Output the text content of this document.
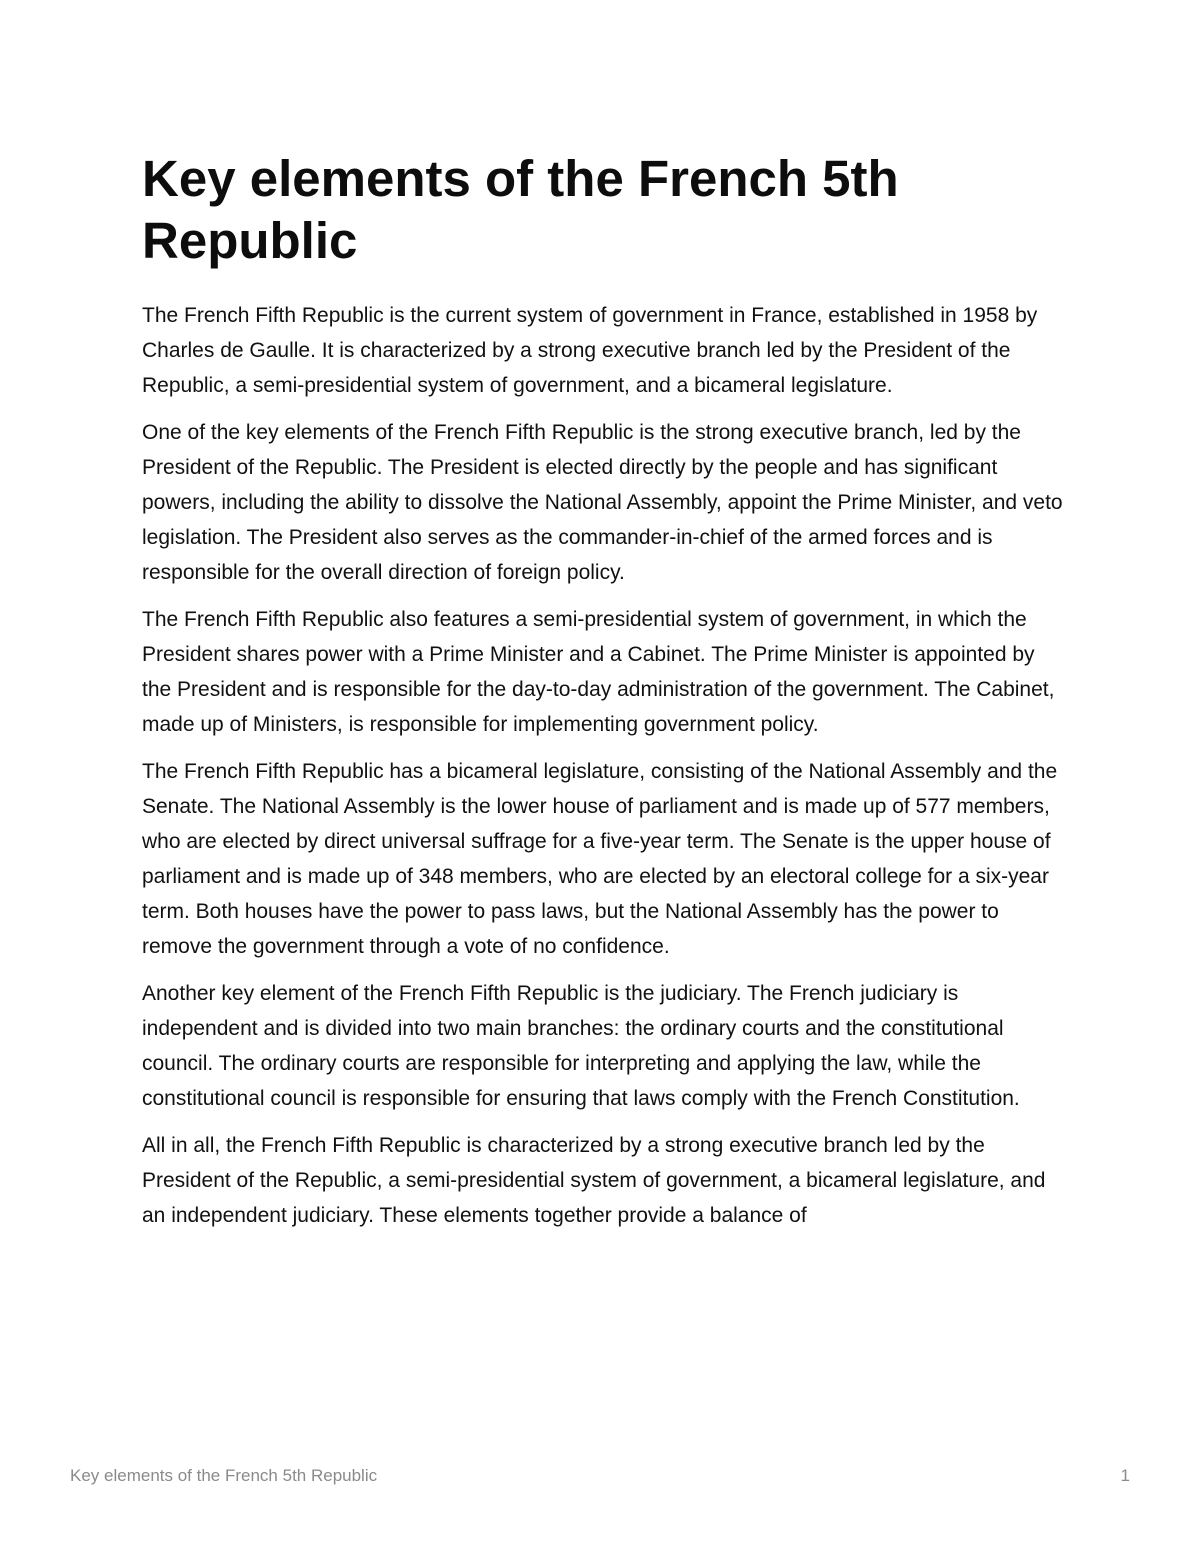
Key elements of the French 5th Republic

The French Fifth Republic is the current system of government in France, established in 1958 by Charles de Gaulle. It is characterized by a strong executive branch led by the President of the Republic, a semi-presidential system of government, and a bicameral legislature.

One of the key elements of the French Fifth Republic is the strong executive branch, led by the President of the Republic. The President is elected directly by the people and has significant powers, including the ability to dissolve the National Assembly, appoint the Prime Minister, and veto legislation. The President also serves as the commander-in-chief of the armed forces and is responsible for the overall direction of foreign policy.

The French Fifth Republic also features a semi-presidential system of government, in which the President shares power with a Prime Minister and a Cabinet. The Prime Minister is appointed by the President and is responsible for the day-to-day administration of the government. The Cabinet, made up of Ministers, is responsible for implementing government policy.

The French Fifth Republic has a bicameral legislature, consisting of the National Assembly and the Senate. The National Assembly is the lower house of parliament and is made up of 577 members, who are elected by direct universal suffrage for a five-year term. The Senate is the upper house of parliament and is made up of 348 members, who are elected by an electoral college for a six-year term. Both houses have the power to pass laws, but the National Assembly has the power to remove the government through a vote of no confidence.

Another key element of the French Fifth Republic is the judiciary. The French judiciary is independent and is divided into two main branches: the ordinary courts and the constitutional council. The ordinary courts are responsible for interpreting and applying the law, while the constitutional council is responsible for ensuring that laws comply with the French Constitution.

All in all, the French Fifth Republic is characterized by a strong executive branch led by the President of the Republic, a semi-presidential system of government, a bicameral legislature, and an independent judiciary. These elements together provide a balance of

Key elements of the French 5th Republic	1
